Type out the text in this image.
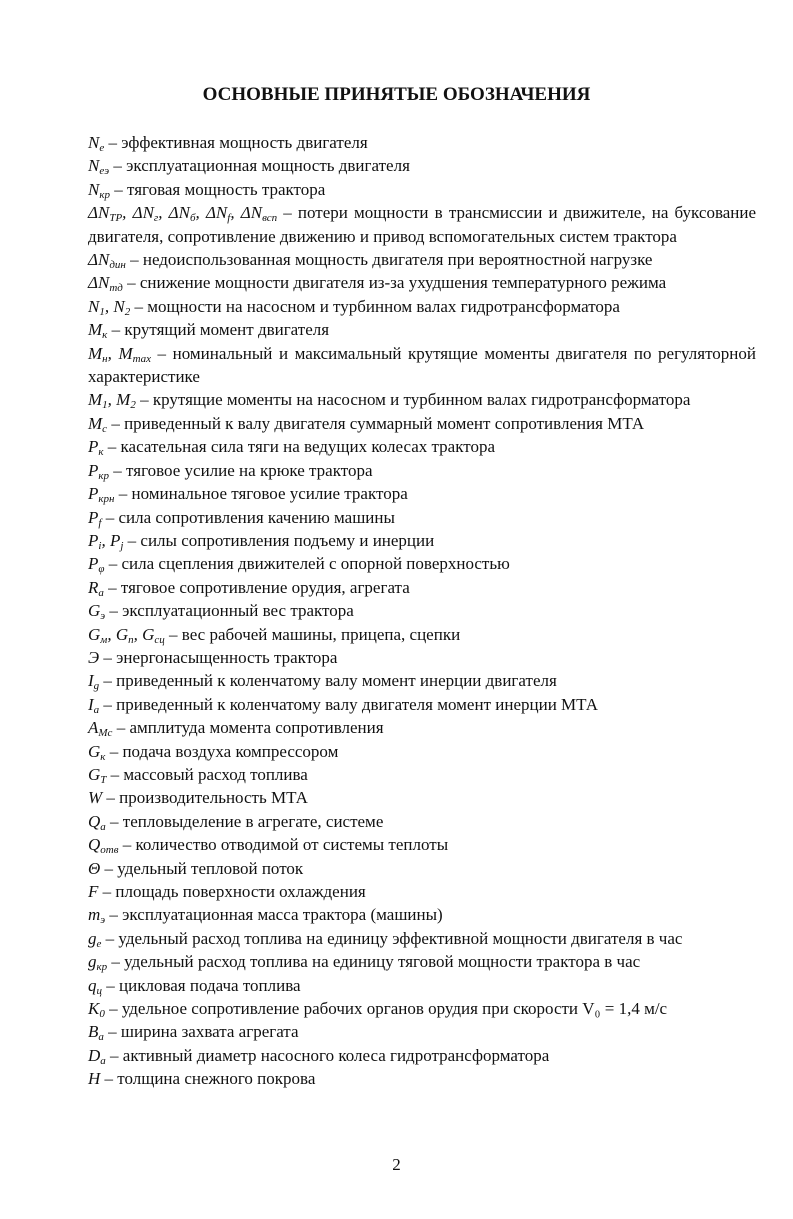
ОСНОВНЫЕ ПРИНЯТЫЕ ОБОЗНАЧЕНИЯ
$N_e$ – эффективная мощность двигателя
$N_{еэ}$ – эксплуатационная мощность двигателя
$N_{кр}$ – тяговая мощность трактора
$\Delta N_{TP}$, $\Delta N_г$, $\Delta N_б$, $\Delta N_f$, $\Delta N_{всп}$ – потери мощности в трансмиссии и движителе, на буксование двигателя, сопротивление движению и привод вспомогательных систем трактора
$\Delta N_{дин}$ – недоиспользованная мощность двигателя при вероятностной нагрузке
$\Delta N_{тд}$ – снижение мощности двигателя из-за ухудшения температурного режима
$N_1$, $N_2$ – мощности на насосном и турбинном валах гидротрансформатора
$M_к$ – крутящий момент двигателя
$M_н$, $M_{max}$ – номинальный и максимальный крутящие моменты двигателя по регуляторной характеристике
$M_1$, $M_2$ – крутящие моменты на насосном и турбинном валах гидротрансформатора
$M_c$ – приведенный к валу двигателя суммарный момент сопротивления МТА
$P_к$ – касательная сила тяги на ведущих колесах трактора
$P_{кр}$ – тяговое усилие на крюке трактора
$P_{крн}$ – номинальное тяговое усилие трактора
$P_f$ – сила сопротивления качению машины
$P_i$, $P_j$ – силы сопротивления подъему и инерции
$P_\varphi$ – сила сцепления движителей с опорной поверхностью
$R_a$ – тяговое сопротивление орудия, агрегата
$G_э$ – эксплуатационный вес трактора
$G_м$, $G_п$, $G_{сц}$ – вес рабочей машины, прицепа, сцепки
Э – энергонасыщенность трактора
$I_g$ – приведенный к коленчатому валу момент инерции двигателя
$I_a$ – приведенный к коленчатому валу двигателя момент инерции МТА
$A_{Mc}$ – амплитуда момента сопротивления
$G_к$ – подача воздуха компрессором
$G_T$ – массовый расход топлива
W – производительность МТА
$Q_a$ – тепловыделение в агрегате, системе
$Q_{отв}$ – количество отводимой от системы теплоты
Θ – удельный тепловой поток
F – площадь поверхности охлаждения
$m_э$ – эксплуатационная масса трактора (машины)
$g_e$ – удельный расход топлива на единицу эффективной мощности двигателя в час
$g_{кр}$ – удельный расход топлива на единицу тяговой мощности трактора в час
$q_ц$ – цикловая подача топлива
$K_0$ – удельное сопротивление рабочих органов орудия при скорости V₀ = 1,4 м/с
$B_a$ – ширина захвата агрегата
$D_a$ – активный диаметр насосного колеса гидротрансформатора
H – толщина снежного покрова
2
